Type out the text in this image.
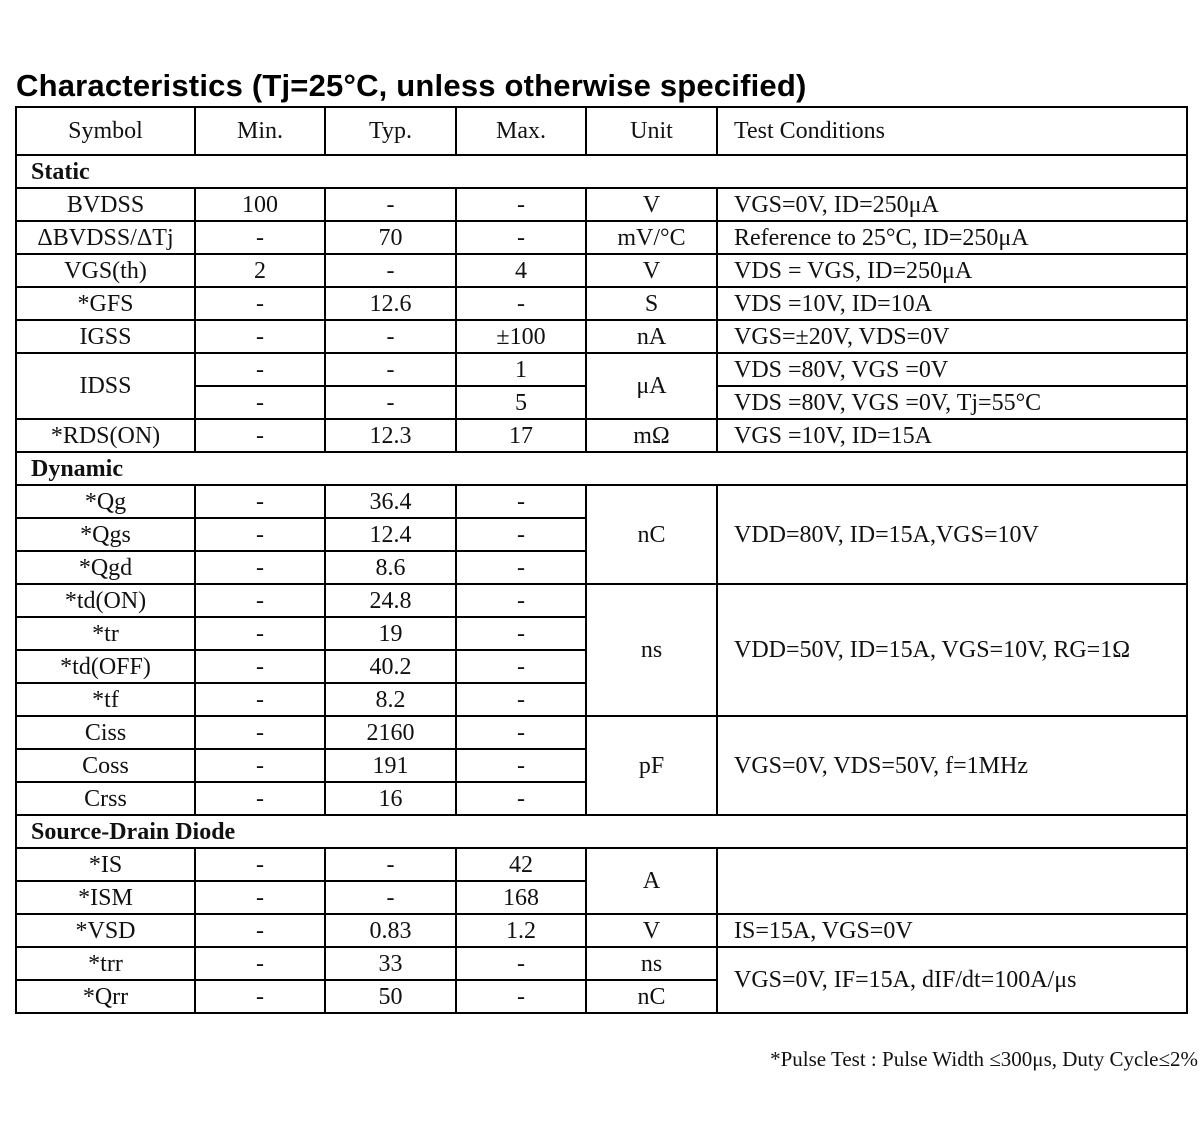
Characteristics (Tj=25°C, unless otherwise specified)
Symbol	Min.	Typ.	Max.	Unit	Test Conditions
Static					
BVDSS	100	-	-	V	VGS=0V, ID=250μA
ΔBVDSS/ΔTj	-	70	-	mV/°C	Reference to 25°C, ID=250μA
VGS(th)	2	-	4	V	VDS = VGS, ID=250μA
*GFS	-	12.6	-	S	VDS =10V, ID=10A
IGSS	-	-	±100	nA	VGS=±20V, VDS=0V
IDSS	-	-	1	μA	VDS =80V, VGS =0V
	-	-	5		VDS =80V, VGS =0V, Tj=55°C
*RDS(ON)	-	12.3	17	mΩ	VGS =10V, ID=15A
Dynamic					
*Qg	-	36.4	-	nC	VDD=80V, ID=15A,VGS=10V
*Qgs	-	12.4	-		
*Qgd	-	8.6	-		
*td(ON)	-	24.8	-	ns	VDD=50V, ID=15A, VGS=10V, RG=1Ω
*tr	-	19	-		
*td(OFF)	-	40.2	-		
*tf	-	8.2	-		
Ciss	-	2160	-	pF	VGS=0V, VDS=50V, f=1MHz
Coss	-	191	-		
Crss	-	16	-		
Source-Drain Diode					
*IS	-	-	42	A	
*ISM	-	-	168		
*VSD	-	0.83	1.2	V	IS=15A, VGS=0V
*trr	-	33	-	ns	VGS=0V, IF=15A, dIF/dt=100A/μs
*Qrr	-	50	-	nC	
*Pulse Test : Pulse Width ≤300μs, Duty Cycle≤2%
